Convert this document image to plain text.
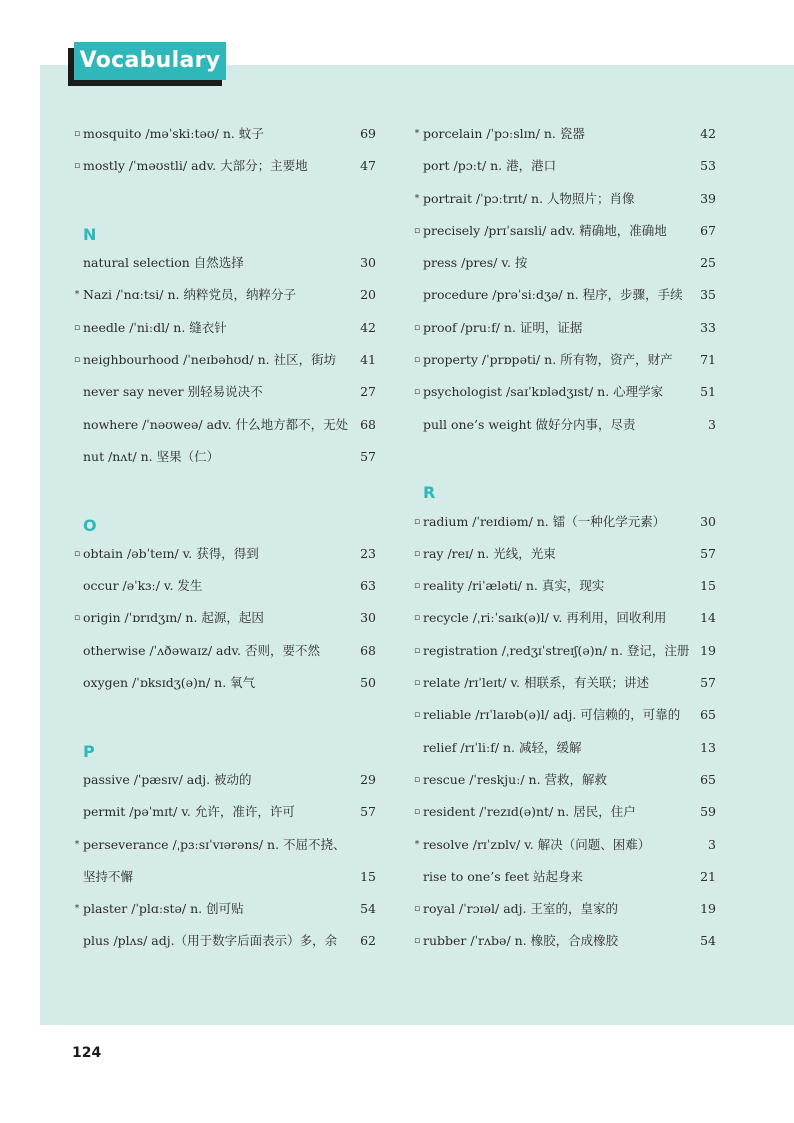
Vocabulary
▫ mosquito /məˈskiːtəʊ/ n. 蚊子	69
▫ mostly /ˈməʊstli/ adv. 大部分；主要地	47
N
natural selection 自然选择	30
* Nazi /ˈnɑːtsi/ n. 纳粹党员，纳粹分子	20
▫ needle /ˈniːdl/ n. 缝衣针	42
▫ neighbourhood /ˈneɪbəhʊd/ n. 社区，街坊 41
never say never 别轻易说决不	27
nowhere /ˈnəʊweə/ adv. 什么地方都不，无处 68
nut /nʌt/ n. 坚果（仁）	57
O
▫ obtain /əbˈteɪn/ v. 获得，得到	23
occur /əˈkɜː/ v. 发生	63
▫ origin /ˈɒrɪdʒɪn/ n. 起源，起因	30
otherwise /ˈʌðəwaɪz/ adv. 否则，要不然	68
oxygen /ˈɒksɪdʒ(ə)n/ n. 氧气	50
P
passive /ˈpæsɪv/ adj. 被动的	29
permit /pəˈmɪt/ v. 允许，准许，许可	57
* perseverance /ˌpɜːsɪˈvɪərəns/ n. 不屈不挠、
坚持不懈	15
* plaster /ˈplɑːstə/ n. 创可贴	54
plus /plʌs/ adj.（用于数字后面表示）多，余 62
* porcelain /ˈpɔːslɪn/ n. 瓷器	42
port /pɔːt/ n. 港，港口	53
* portrait /ˈpɔːtrɪt/ n. 人物照片；肖像	39
▫ precisely /prɪˈsaɪsli/ adv. 精确地，准确地	67
press /pres/ v. 按	25
procedure /prəˈsiːdʒə/ n. 程序，步骤，手续 35
▫ proof /pruːf/ n. 证明，证据	33
▫ property /ˈprɒpəti/ n. 所有物，资产，财产 71
▫ psychologist /saɪˈkɒlədʒɪst/ n. 心理学家	51
pull one’s weight 做好分内事，尽责	3
R
▫ radium /ˈreɪdiəm/ n. 镭（一种化学元素）	30
▫ ray /reɪ/ n. 光线，光束	57
▫ reality /riˈæləti/ n. 真实，现实	15
▫ recycle /ˌriːˈsaɪk(ə)l/ v. 再利用，回收利用	14
▫ registration /ˌredʒɪˈstreɪʃ(ə)n/ n. 登记，注册 19
▫ relate /rɪˈleɪt/ v. 相联系，有关联；讲述	57
▫ reliable /rɪˈlaɪəb(ə)l/ adj. 可信赖的，可靠的 65
relief /rɪˈliːf/ n. 减轻，缓解	13
▫ rescue /ˈreskjuː/ n. 营救，解救	65
▫ resident /ˈrezɪd(ə)nt/ n. 居民，住户	59
* resolve /rɪˈzɒlv/ v. 解决（问题、困难）	3
rise to one’s feet 站起身来	21
▫ royal /ˈrɔɪəl/ adj. 王室的，皇家的	19
▫ rubber /ˈrʌbə/ n. 橡胶，合成橡胶	54
124
